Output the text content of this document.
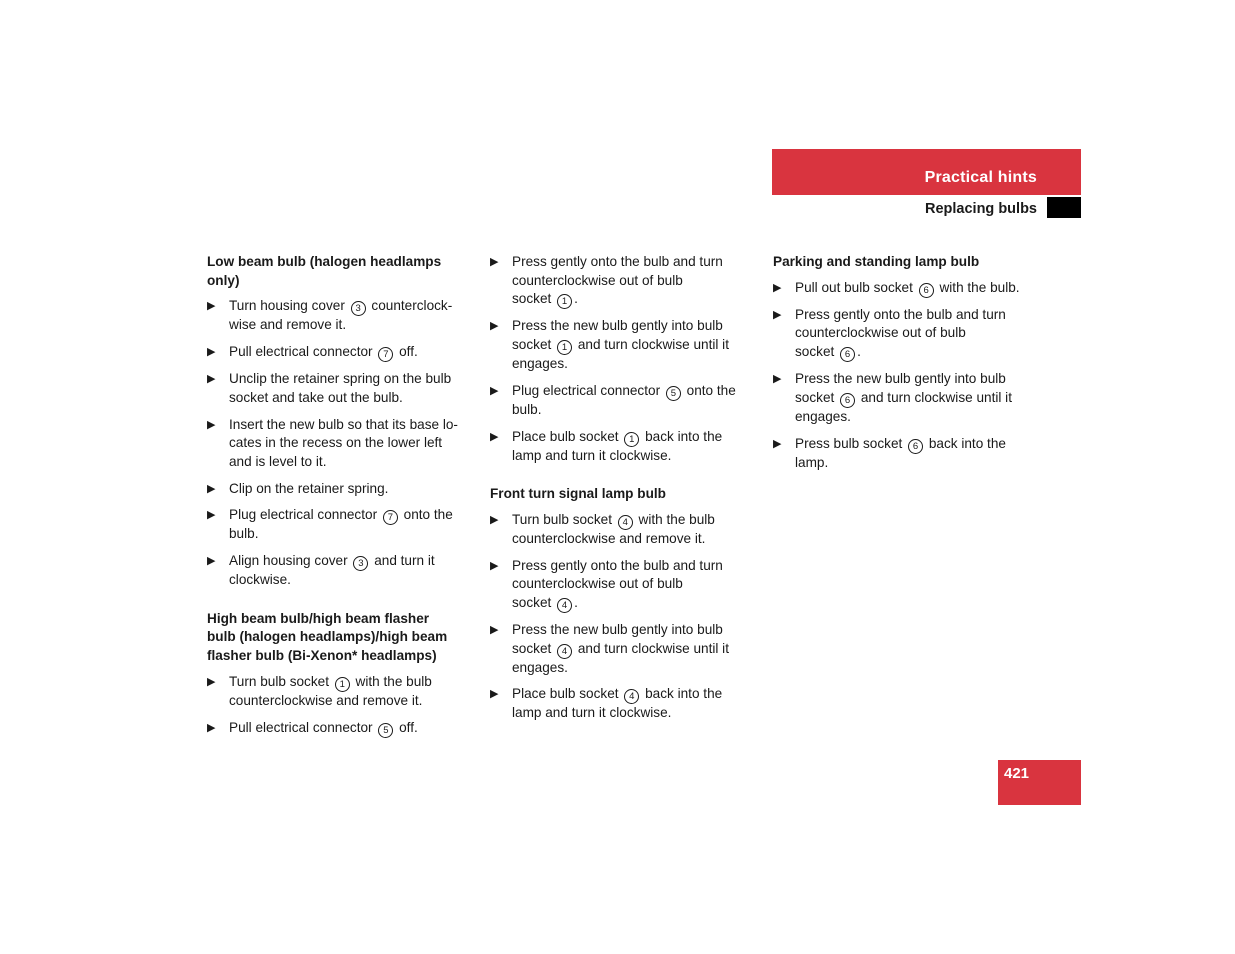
Practical hints
Replacing bulbs
Low beam bulb (halogen headlamps
only)
▶ Turn housing cover 3 counterclock-
wise and remove it.
▶ Pull electrical connector 7 off.
▶ Unclip the retainer spring on the bulb
socket and take out the bulb.
▶ Insert the new bulb so that its base lo-
cates in the recess on the lower left
and is level to it.
▶ Clip on the retainer spring.
▶ Plug electrical connector 7 onto the
bulb.
▶ Align housing cover 3 and turn it
clockwise.
High beam bulb/high beam flasher
bulb (halogen headlamps)/high beam
flasher bulb (Bi-Xenon* headlamps)
▶ Turn bulb socket 1 with the bulb
counterclockwise and remove it.
▶ Pull electrical connector 5 off.
▶ Press gently onto the bulb and turn
counterclockwise out of bulb
socket 1 .
▶ Press the new bulb gently into bulb
socket 1 and turn clockwise until it
engages.
▶ Plug electrical connector 5 onto the
bulb.
▶ Place bulb socket 1 back into the
lamp and turn it clockwise.
Front turn signal lamp bulb
▶ Turn bulb socket 4 with the bulb
counterclockwise and remove it.
▶ Press gently onto the bulb and turn
counterclockwise out of bulb
socket 4 .
▶ Press the new bulb gently into bulb
socket 4 and turn clockwise until it
engages.
▶ Place bulb socket 4 back into the
lamp and turn it clockwise.
Parking and standing lamp bulb
▶ Pull out bulb socket 6 with the bulb.
▶ Press gently onto the bulb and turn
counterclockwise out of bulb
socket 6 .
▶ Press the new bulb gently into bulb
socket 6 and turn clockwise until it
engages.
▶ Press bulb socket 6 back into the
lamp.
421
